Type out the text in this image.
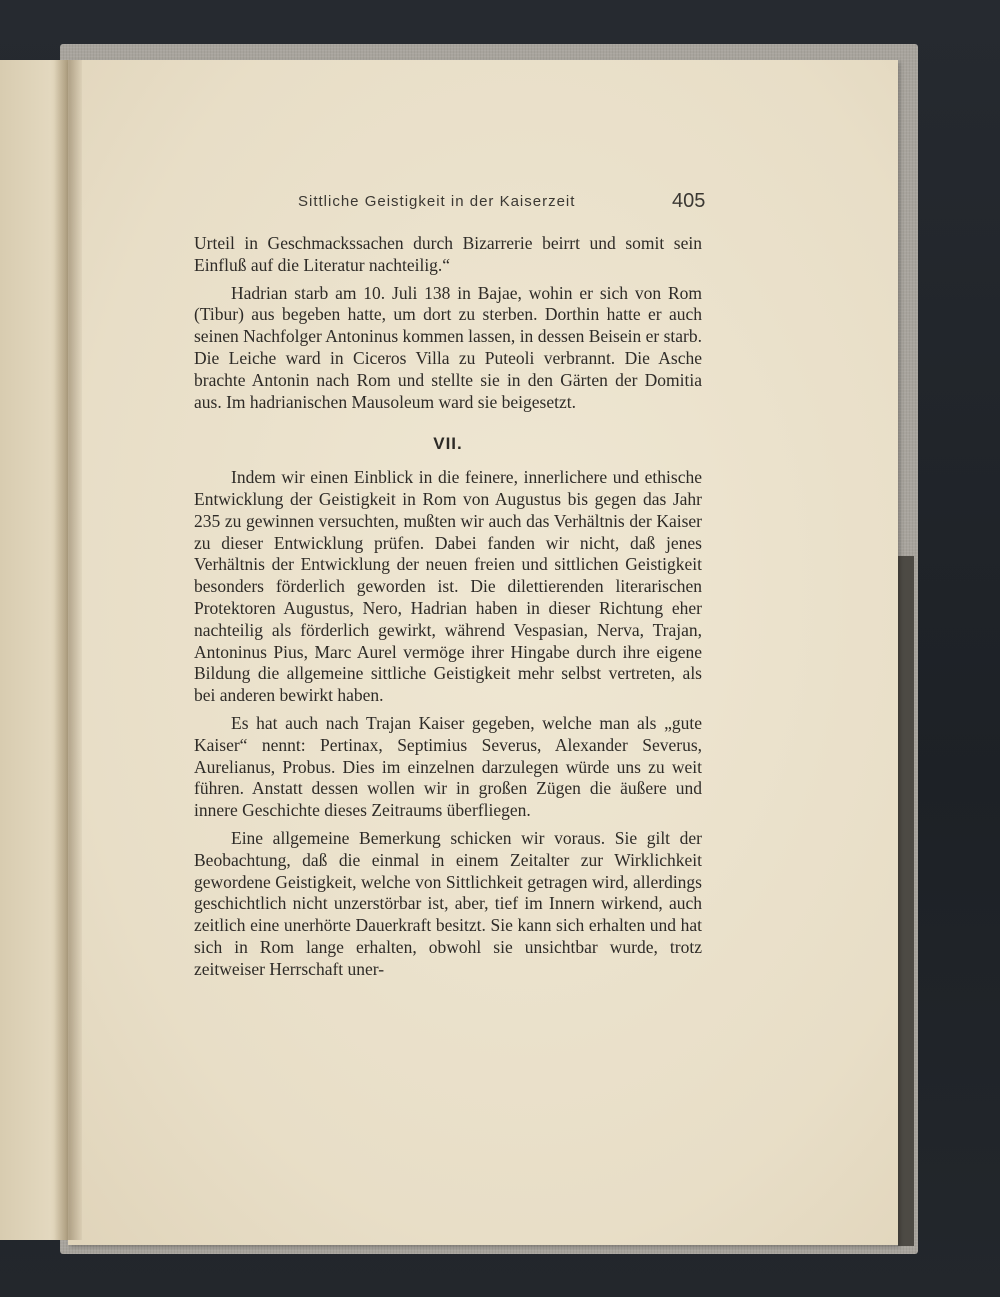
Sittliche Geistigkeit in der Kaiserzeit	405

Urteil in Geschmackssachen durch Bizarrerie beirrt und somit sein Einfluß auf die Literatur nachteilig.“

Hadrian starb am 10. Juli 138 in Bajae, wohin er sich von Rom (Tibur) aus begeben hatte, um dort zu sterben. Dorthin hatte er auch seinen Nachfolger Antoninus kommen lassen, in dessen Beisein er starb. Die Leiche ward in Ciceros Villa zu Puteoli verbrannt. Die Asche brachte Antonin nach Rom und stellte sie in den Gärten der Domitia aus. Im hadrianischen Mausoleum ward sie beigesetzt.

VII.

Indem wir einen Einblick in die feinere, innerlichere und ethische Entwicklung der Geistigkeit in Rom von Augustus bis gegen das Jahr 235 zu gewinnen versuchten, mußten wir auch das Verhältnis der Kaiser zu dieser Entwicklung prüfen. Dabei fanden wir nicht, daß jenes Verhältnis der Entwicklung der neuen freien und sittlichen Geistigkeit besonders förderlich geworden ist. Die dilettierenden literarischen Protektoren Augustus, Nero, Hadrian haben in dieser Richtung eher nachteilig als förderlich gewirkt, während Vespasian, Nerva, Trajan, Antoninus Pius, Marc Aurel vermöge ihrer Hingabe durch ihre eigene Bildung die allgemeine sittliche Geistigkeit mehr selbst vertreten, als bei anderen bewirkt haben.

Es hat auch nach Trajan Kaiser gegeben, welche man als „gute Kaiser“ nennt: Pertinax, Septimius Severus, Alexander Severus, Aurelianus, Probus. Dies im einzelnen darzulegen würde uns zu weit führen. Anstatt dessen wollen wir in großen Zügen die äußere und innere Geschichte dieses Zeitraums überfliegen.

Eine allgemeine Bemerkung schicken wir voraus. Sie gilt der Beobachtung, daß die einmal in einem Zeitalter zur Wirklichkeit gewordene Geistigkeit, welche von Sittlichkeit getragen wird, allerdings geschichtlich nicht unzerstörbar ist, aber, tief im Innern wirkend, auch zeitlich eine unerhörte Dauerkraft besitzt. Sie kann sich erhalten und hat sich in Rom lange erhalten, obwohl sie unsichtbar wurde, trotz zeitweiser Herrschaft uner-
